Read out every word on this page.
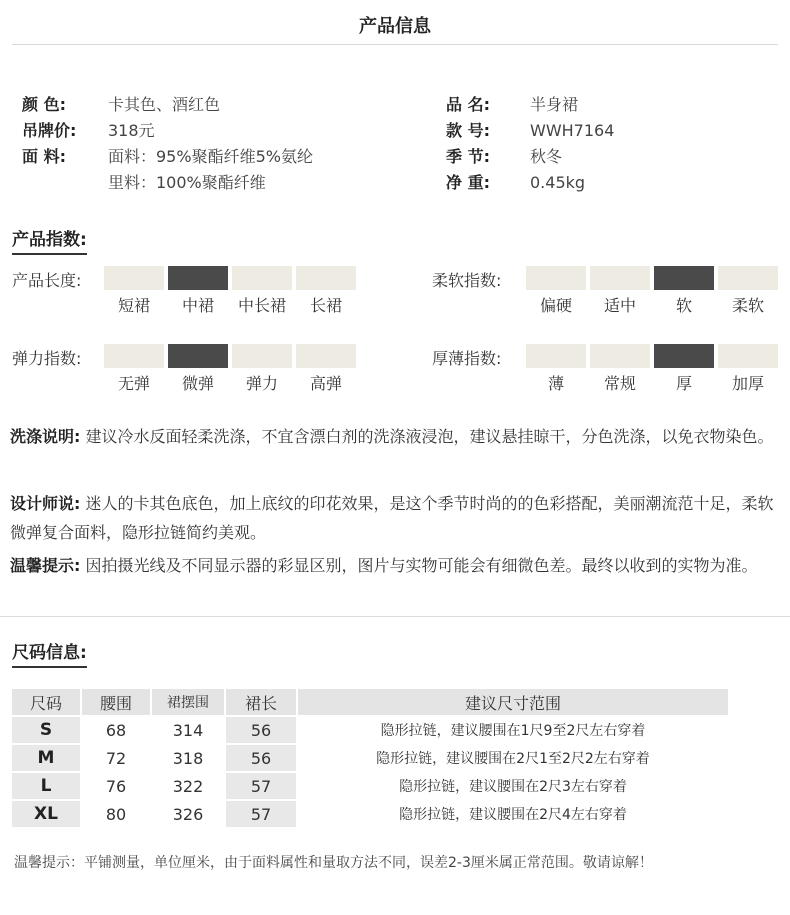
产品信息
颜 色:	卡其色、酒红色
吊牌价: 318元
面 料:	面料：95%聚酯纤维5%氨纶
里料：100%聚酯纤维
品 名:	半身裙
款 号:	WWH7164
季 节:	秋冬
净 重:	0.45kg
产品指数:
产品长度:	柔软指数:
弹力指数:	厚薄指数:
短裙	中裙	中长裙	长裙	偏硬	适中	软	柔软
无弹	微弹	弹力	高弹	薄	常规	厚	加厚
洗涤说明: 建议冷水反面轻柔洗涤，不宜含漂白剂的洗涤液浸泡，建议悬挂晾干，分色洗涤，以免衣物染色。
设计师说: 迷人的卡其色底色，加上底纹的印花效果，是这个季节时尚的的色彩搭配，美丽潮流范十足，柔软微弹复合面料，隐形拉链简约美观。
温馨提示: 因拍摄光线及不同显示器的彩显区别，图片与实物可能会有细微色差。最终以收到的实物为准。
尺码信息:
尺码	腰围	裙摆围	裙长	建议尺寸范围
S	68	314	56	隐形拉链，建议腰围在1尺9至2尺左右穿着
M	72	318	56	隐形拉链，建议腰围在2尺1至2尺2左右穿着
L	76	322	57	隐形拉链，建议腰围在2尺3左右穿着
XL	80	326	57	隐形拉链，建议腰围在2尺4左右穿着
温馨提示：平铺测量，单位厘米，由于面料属性和量取方法不同，误差2-3厘米属正常范围。敬请谅解！
